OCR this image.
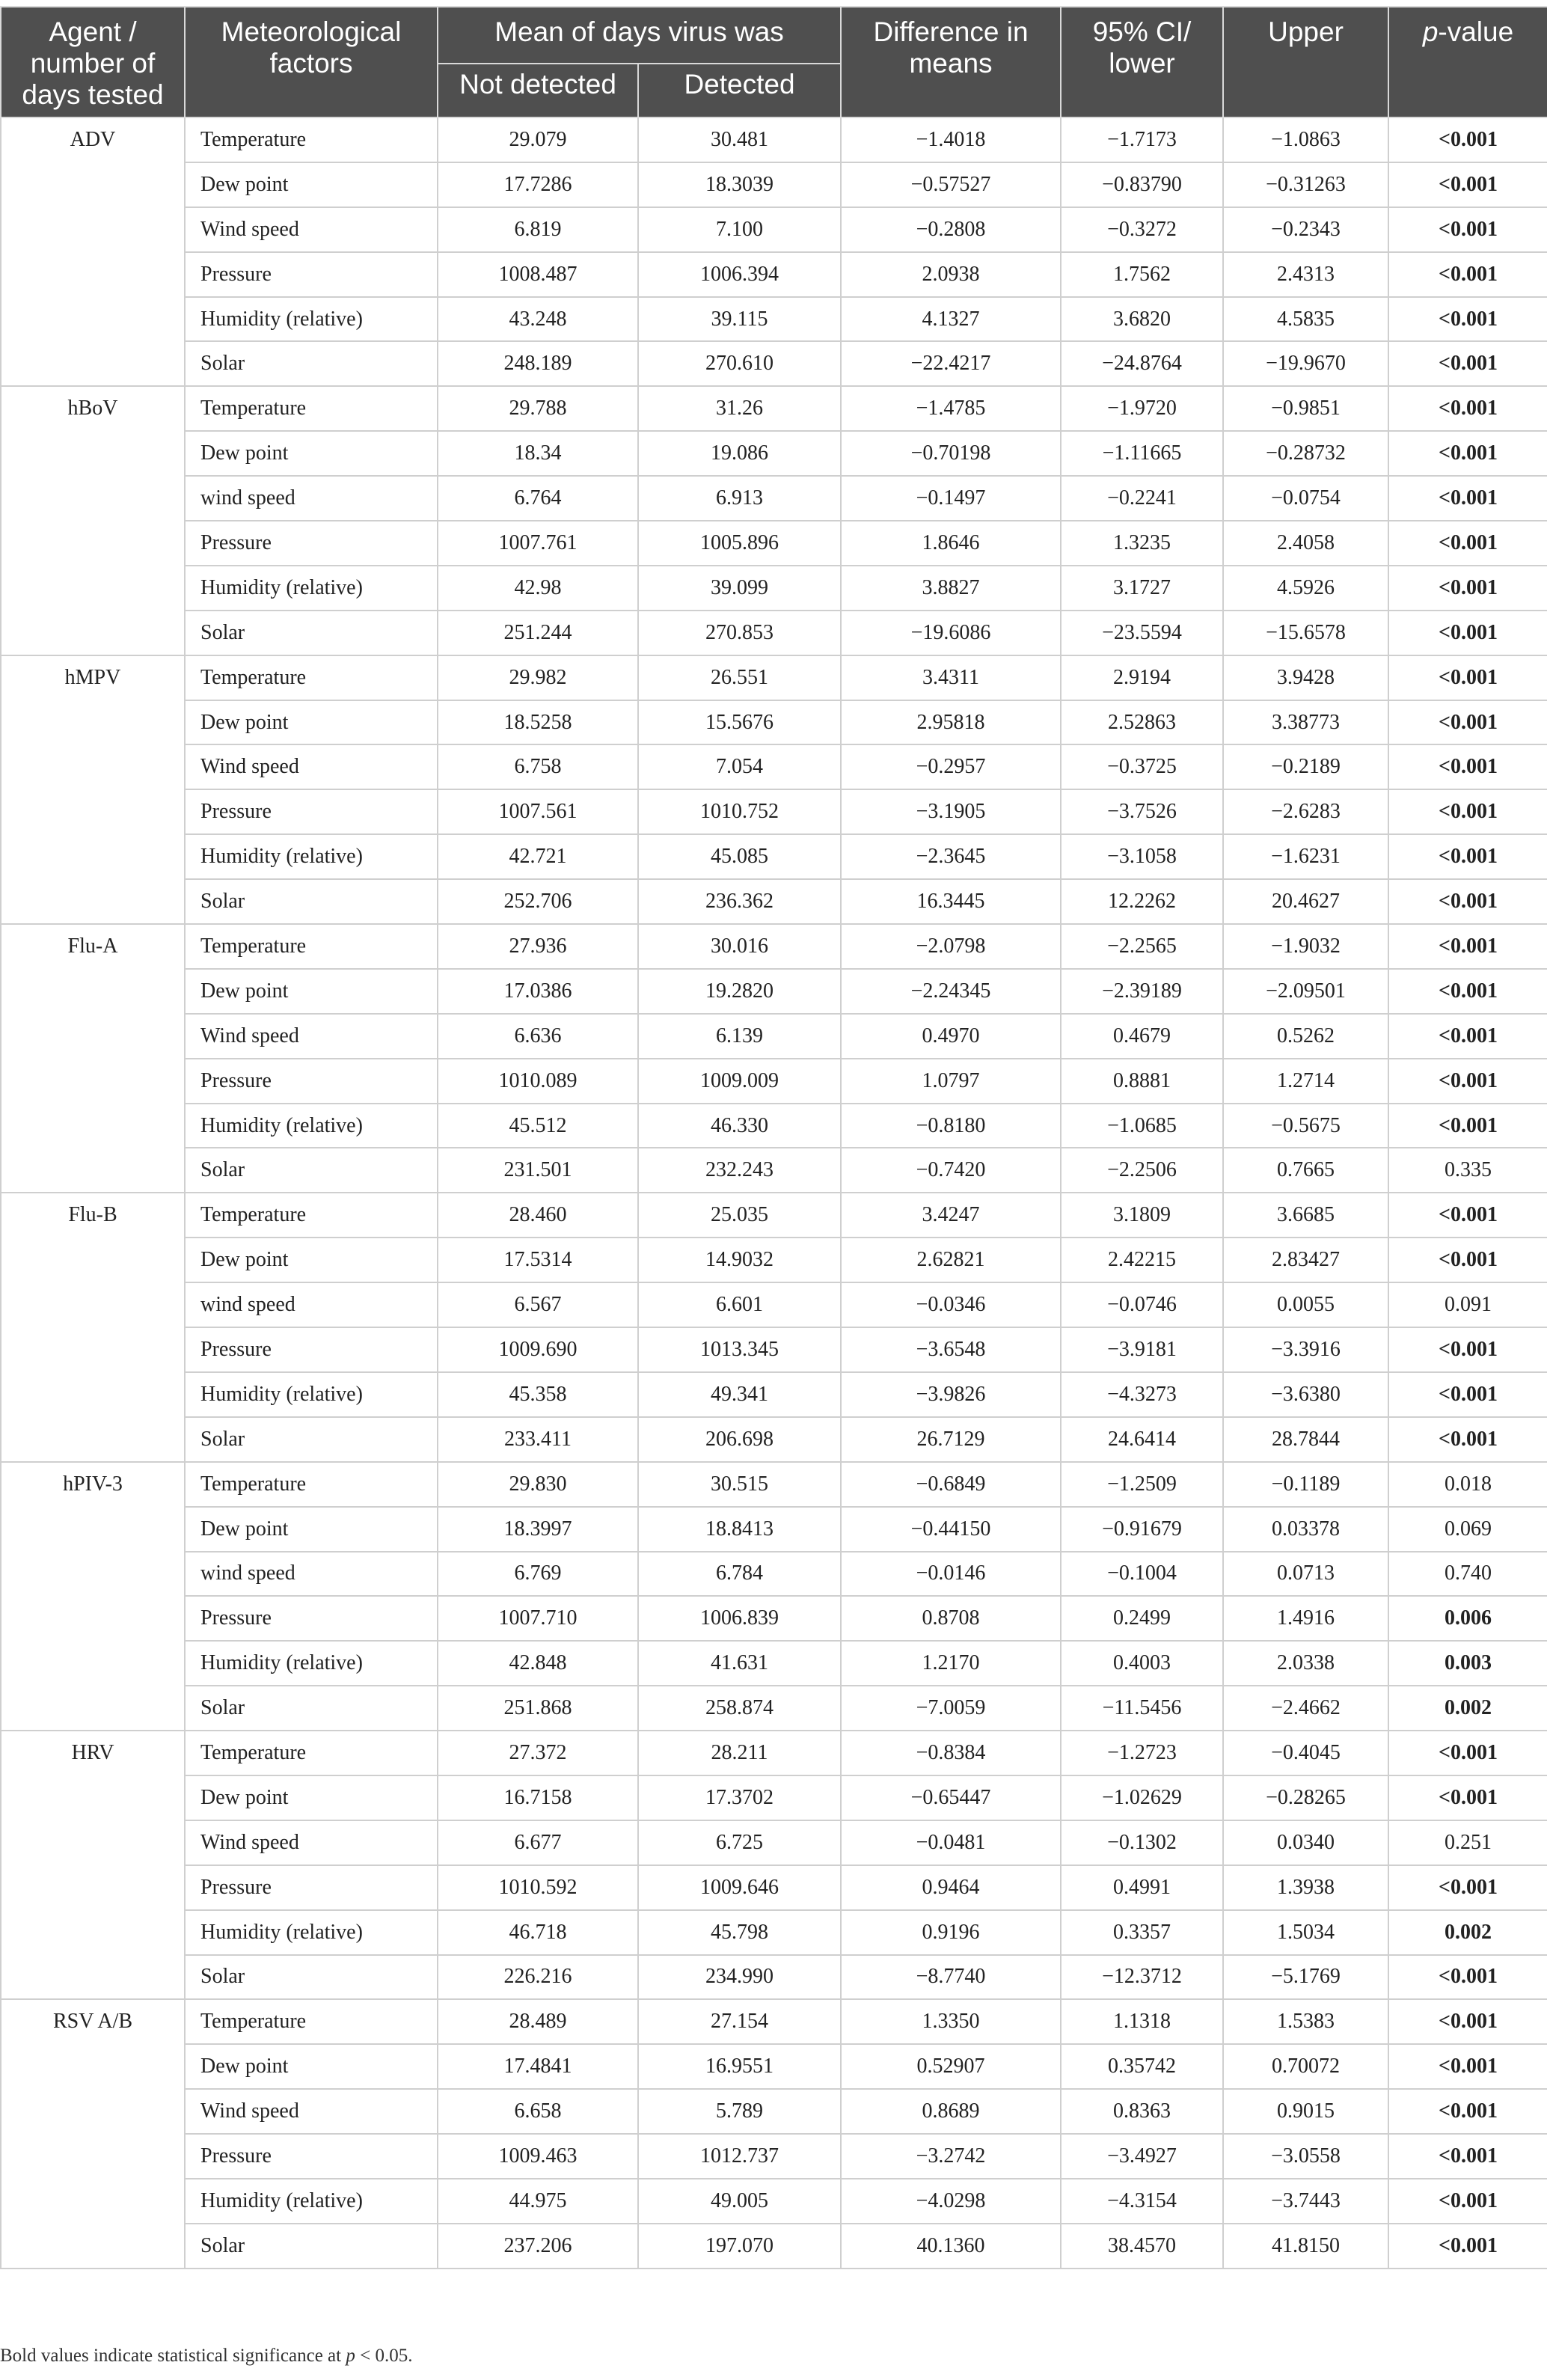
Agent / number of days tested	Meteorological factors	Mean of days virus was		Difference in means	95% CI/ lower	Upper	p-value
		Not detected	Detected				
ADV	Temperature	29.079	30.481	−1.4018	−1.7173	−1.0863	<0.001
	Dew point	17.7286	18.3039	−0.57527	−0.83790	−0.31263	<0.001
	Wind speed	6.819	7.100	−0.2808	−0.3272	−0.2343	<0.001
	Pressure	1008.487	1006.394	2.0938	1.7562	2.4313	<0.001
	Humidity (relative)	43.248	39.115	4.1327	3.6820	4.5835	<0.001
	Solar	248.189	270.610	−22.4217	−24.8764	−19.9670	<0.001
hBoV	Temperature	29.788	31.26	−1.4785	−1.9720	−0.9851	<0.001
	Dew point	18.34	19.086	−0.70198	−1.11665	−0.28732	<0.001
	wind speed	6.764	6.913	−0.1497	−0.2241	−0.0754	<0.001
	Pressure	1007.761	1005.896	1.8646	1.3235	2.4058	<0.001
	Humidity (relative)	42.98	39.099	3.8827	3.1727	4.5926	<0.001
	Solar	251.244	270.853	−19.6086	−23.5594	−15.6578	<0.001
hMPV	Temperature	29.982	26.551	3.4311	2.9194	3.9428	<0.001
	Dew point	18.5258	15.5676	2.95818	2.52863	3.38773	<0.001
	Wind speed	6.758	7.054	−0.2957	−0.3725	−0.2189	<0.001
	Pressure	1007.561	1010.752	−3.1905	−3.7526	−2.6283	<0.001
	Humidity (relative)	42.721	45.085	−2.3645	−3.1058	−1.6231	<0.001
	Solar	252.706	236.362	16.3445	12.2262	20.4627	<0.001
Flu-A	Temperature	27.936	30.016	−2.0798	−2.2565	−1.9032	<0.001
	Dew point	17.0386	19.2820	−2.24345	−2.39189	−2.09501	<0.001
	Wind speed	6.636	6.139	0.4970	0.4679	0.5262	<0.001
	Pressure	1010.089	1009.009	1.0797	0.8881	1.2714	<0.001
	Humidity (relative)	45.512	46.330	−0.8180	−1.0685	−0.5675	<0.001
	Solar	231.501	232.243	−0.7420	−2.2506	0.7665	0.335
Flu-B	Temperature	28.460	25.035	3.4247	3.1809	3.6685	<0.001
	Dew point	17.5314	14.9032	2.62821	2.42215	2.83427	<0.001
	wind speed	6.567	6.601	−0.0346	−0.0746	0.0055	0.091
	Pressure	1009.690	1013.345	−3.6548	−3.9181	−3.3916	<0.001
	Humidity (relative)	45.358	49.341	−3.9826	−4.3273	−3.6380	<0.001
	Solar	233.411	206.698	26.7129	24.6414	28.7844	<0.001
hPIV-3	Temperature	29.830	30.515	−0.6849	−1.2509	−0.1189	0.018
	Dew point	18.3997	18.8413	−0.44150	−0.91679	0.03378	0.069
	wind speed	6.769	6.784	−0.0146	−0.1004	0.0713	0.740
	Pressure	1007.710	1006.839	0.8708	0.2499	1.4916	0.006
	Humidity (relative)	42.848	41.631	1.2170	0.4003	2.0338	0.003
	Solar	251.868	258.874	−7.0059	−11.5456	−2.4662	0.002
HRV	Temperature	27.372	28.211	−0.8384	−1.2723	−0.4045	<0.001
	Dew point	16.7158	17.3702	−0.65447	−1.02629	−0.28265	<0.001
	Wind speed	6.677	6.725	−0.0481	−0.1302	0.0340	0.251
	Pressure	1010.592	1009.646	0.9464	0.4991	1.3938	<0.001
	Humidity (relative)	46.718	45.798	0.9196	0.3357	1.5034	0.002
	Solar	226.216	234.990	−8.7740	−12.3712	−5.1769	<0.001
RSV A/B	Temperature	28.489	27.154	1.3350	1.1318	1.5383	<0.001
	Dew point	17.4841	16.9551	0.52907	0.35742	0.70072	<0.001
	Wind speed	6.658	5.789	0.8689	0.8363	0.9015	<0.001
	Pressure	1009.463	1012.737	−3.2742	−3.4927	−3.0558	<0.001
	Humidity (relative)	44.975	49.005	−4.0298	−4.3154	−3.7443	<0.001
	Solar	237.206	197.070	40.1360	38.4570	41.8150	<0.001
Bold values indicate statistical significance at p < 0.05.
